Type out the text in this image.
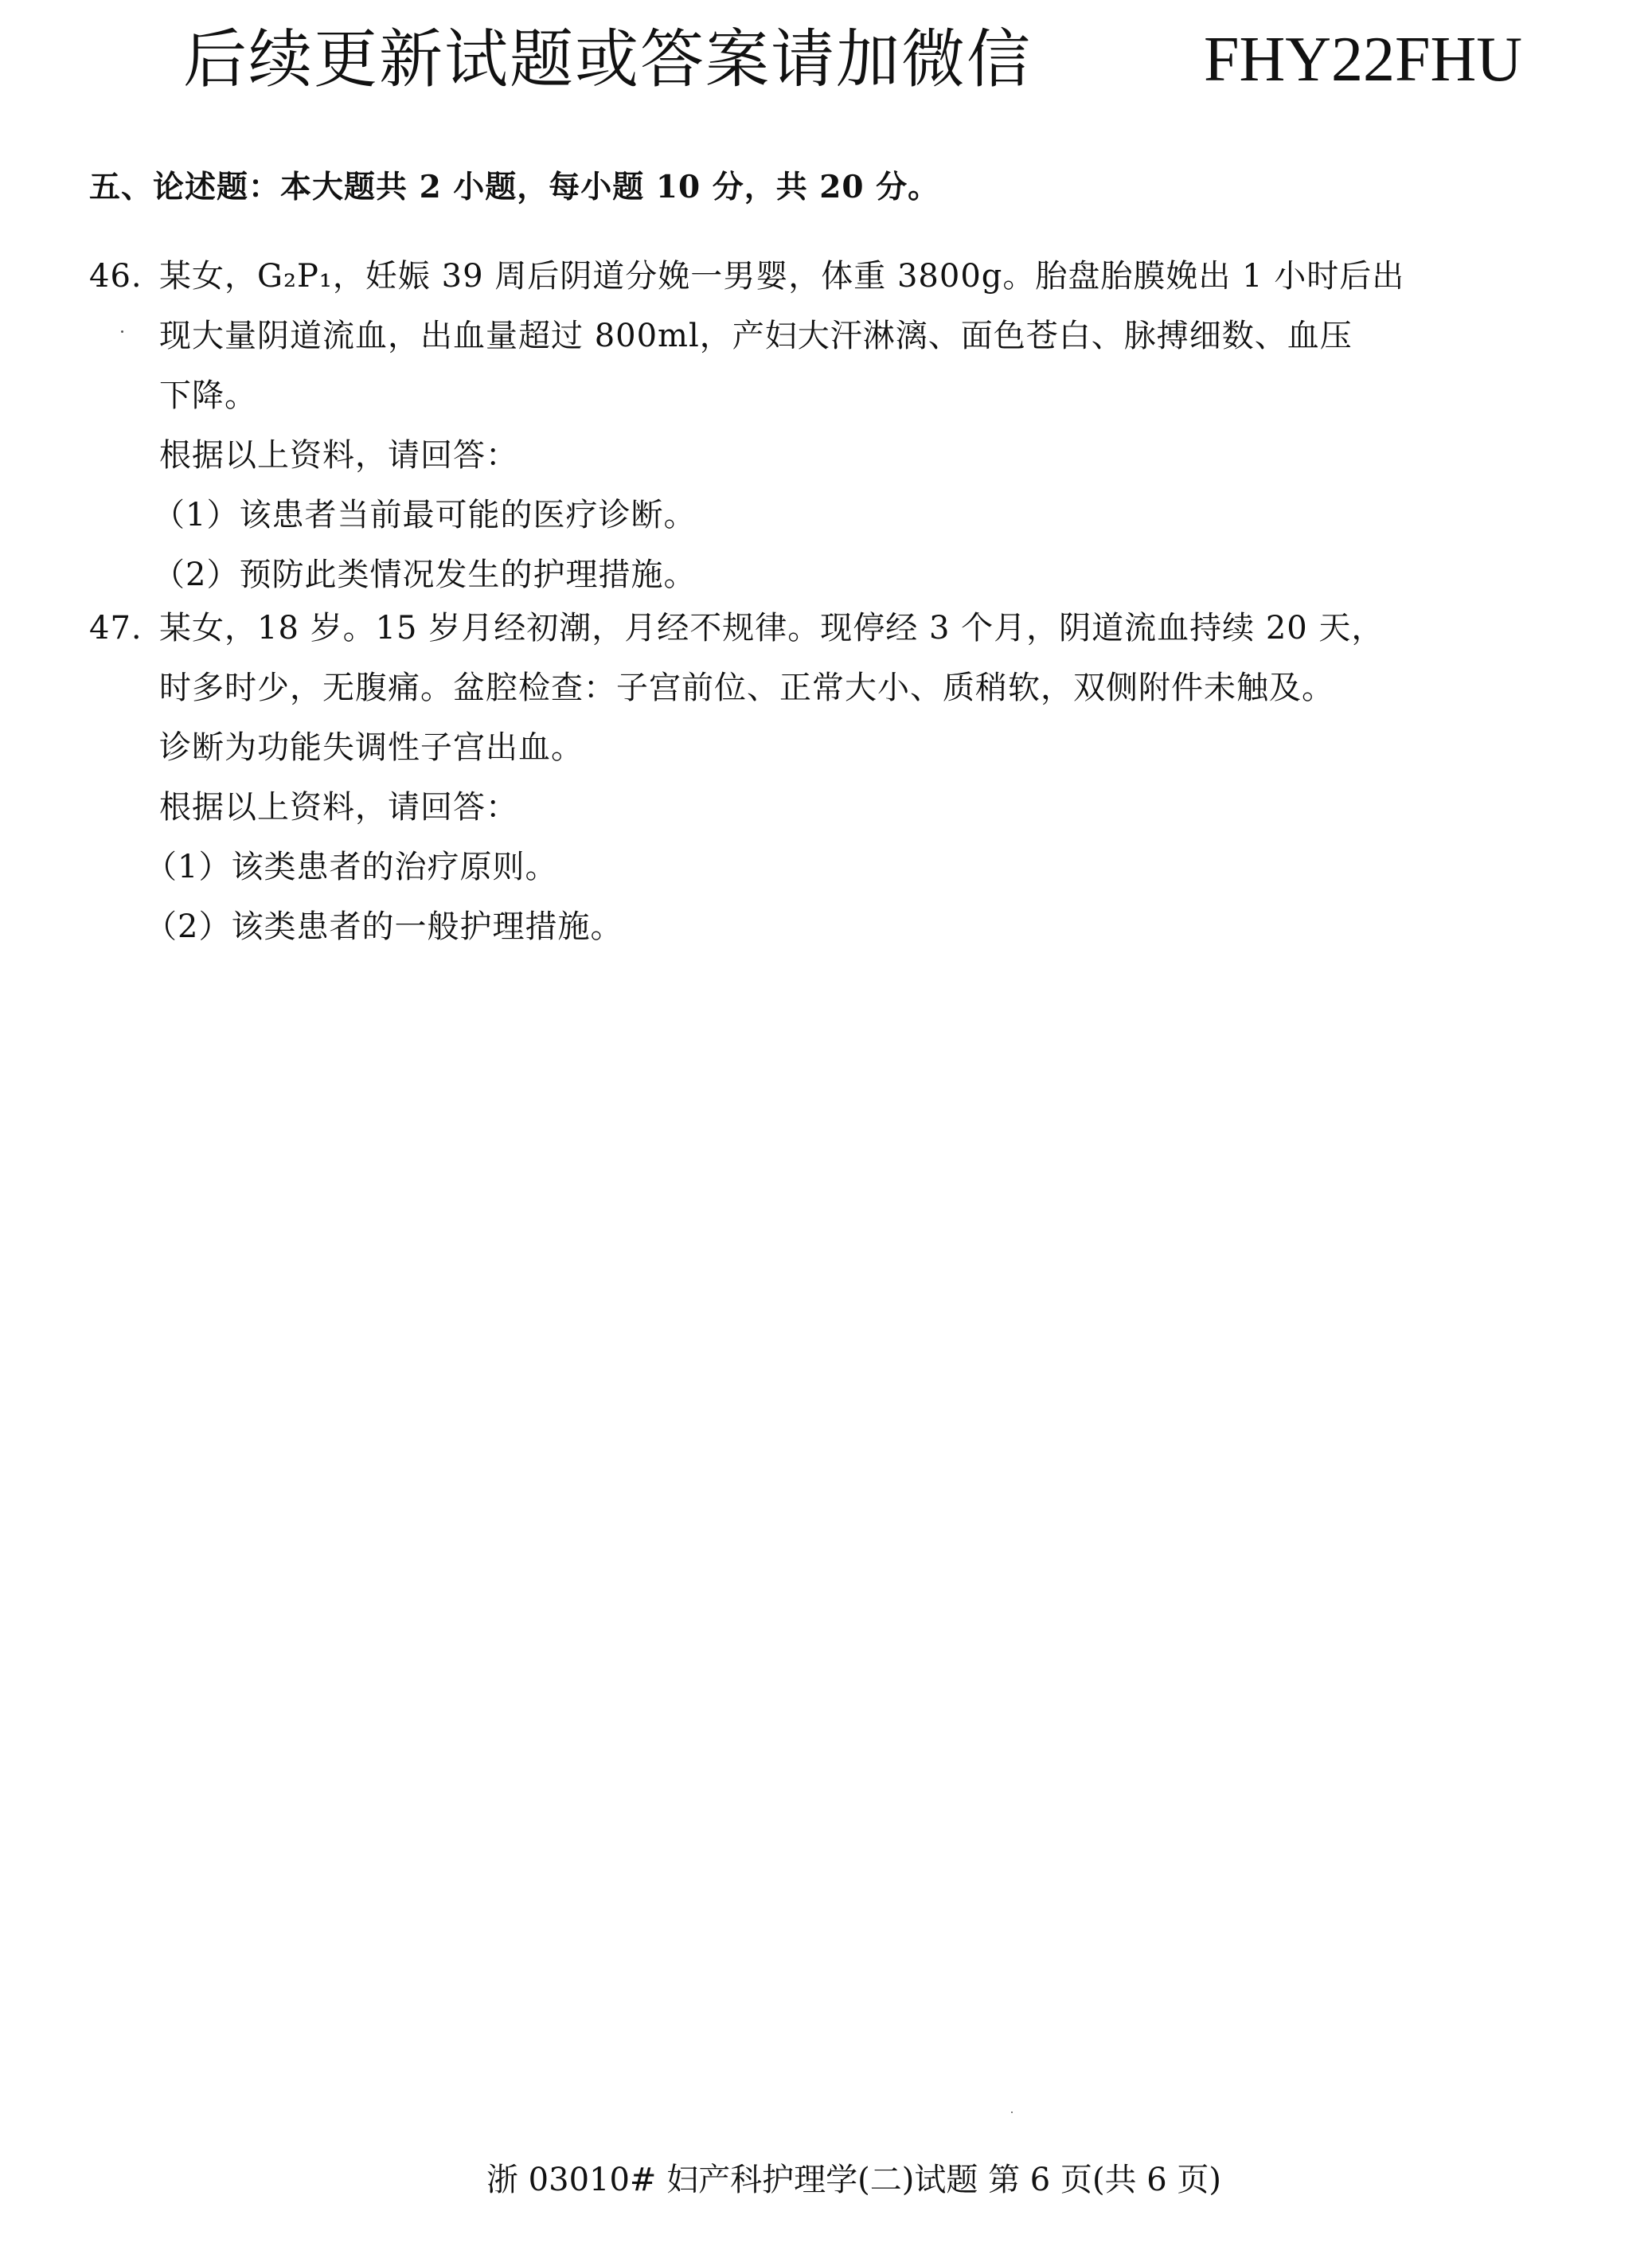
后续更新试题或答案请加微信	FHY22FHU
五、论述题：本大题共 2 小题，每小题 10 分，共 20 分。
46. 某女，G₂P₁，妊娠 39 周后阴道分娩一男婴，体重 3800g。胎盘胎膜娩出 1 小时后出
现大量阴道流血，出血量超过 800ml，产妇大汗淋漓、面色苍白、脉搏细数、血压
下降。
根据以上资料，请回答：
（1）该患者当前最可能的医疗诊断。
（2）预防此类情况发生的护理措施。
47. 某女，18 岁。15 岁月经初潮，月经不规律。现停经 3 个月，阴道流血持续 20 天，
时多时少，无腹痛。盆腔检查：子宫前位、正常大小、质稍软，双侧附件未触及。
诊断为功能失调性子宫出血。
根据以上资料，请回答：
（1）该类患者的治疗原则。
（2）该类患者的一般护理措施。
浙 03010# 妇产科护理学(二)试题 第 6 页(共 6 页)
